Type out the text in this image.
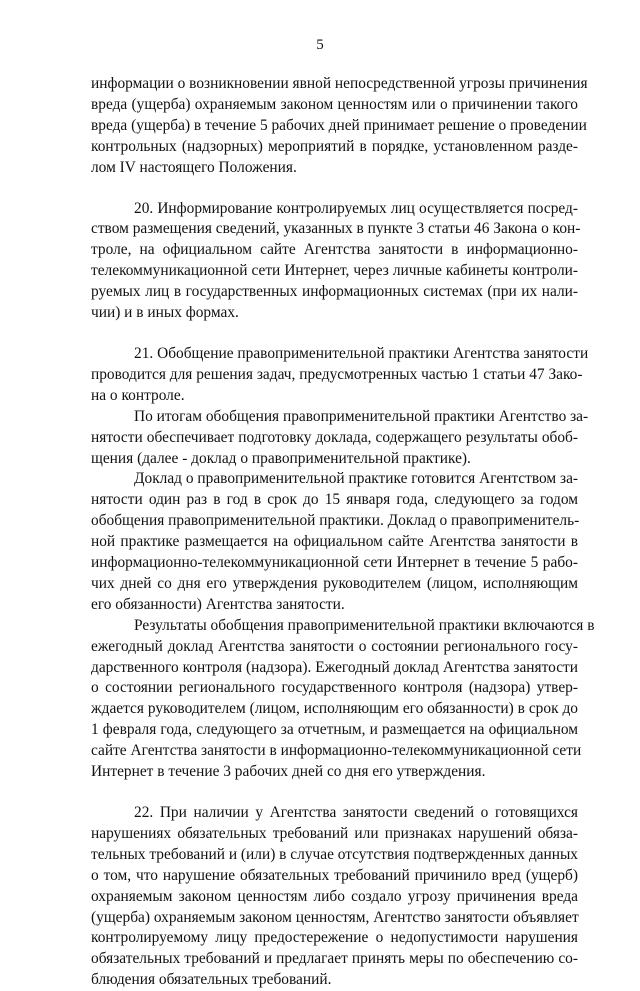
5
информации о возникновении явной непосредственной угрозы причинения
вреда (ущерба) охраняемым законом ценностям или о причинении такого
вреда (ущерба) в течение 5 рабочих дней принимает решение о проведении
контрольных (надзорных) мероприятий в порядке, установленном разде-
лом IV настоящего Положения.
20. Информирование контролируемых лиц осуществляется посред-
ством размещения сведений, указанных в пункте 3 статьи 46 Закона о кон-
троле, на официальном сайте Агентства занятости в информационно-
телекоммуникационной сети Интернет, через личные кабинеты контроли-
руемых лиц в государственных информационных системах (при их нали-
чии) и в иных формах.
21. Обобщение правоприменительной практики Агентства занятости
проводится для решения задач, предусмотренных частью 1 статьи 47 Зако-
на о контроле.
По итогам обобщения правоприменительной практики Агентство за-
нятости обеспечивает подготовку доклада, содержащего результаты обоб-
щения (далее - доклад о правоприменительной практике).
Доклад о правоприменительной практике готовится Агентством за-
нятости один раз в год в срок до 15 января года, следующего за годом
обобщения правоприменительной практики. Доклад о правоприменитель-
ной практике размещается на официальном сайте Агентства занятости в
информационно-телекоммуникационной сети Интернет в течение 5 рабо-
чих дней со дня его утверждения руководителем (лицом, исполняющим
его обязанности) Агентства занятости.
Результаты обобщения правоприменительной практики включаются в
ежегодный доклад Агентства занятости о состоянии регионального госу-
дарственного контроля (надзора). Ежегодный доклад Агентства занятости
о состоянии регионального государственного контроля (надзора) утвер-
ждается руководителем (лицом, исполняющим его обязанности) в срок до
1 февраля года, следующего за отчетным, и размещается на официальном
сайте Агентства занятости в информационно-телекоммуникационной сети
Интернет в течение 3 рабочих дней со дня его утверждения.
22. При наличии у Агентства занятости сведений о готовящихся
нарушениях обязательных требований или признаках нарушений обяза-
тельных требований и (или) в случае отсутствия подтвержденных данных
о том, что нарушение обязательных требований причинило вред (ущерб)
охраняемым законом ценностям либо создало угрозу причинения вреда
(ущерба) охраняемым законом ценностям, Агентство занятости объявляет
контролируемому лицу предостережение о недопустимости нарушения
обязательных требований и предлагает принять меры по обеспечению со-
блюдения обязательных требований.
